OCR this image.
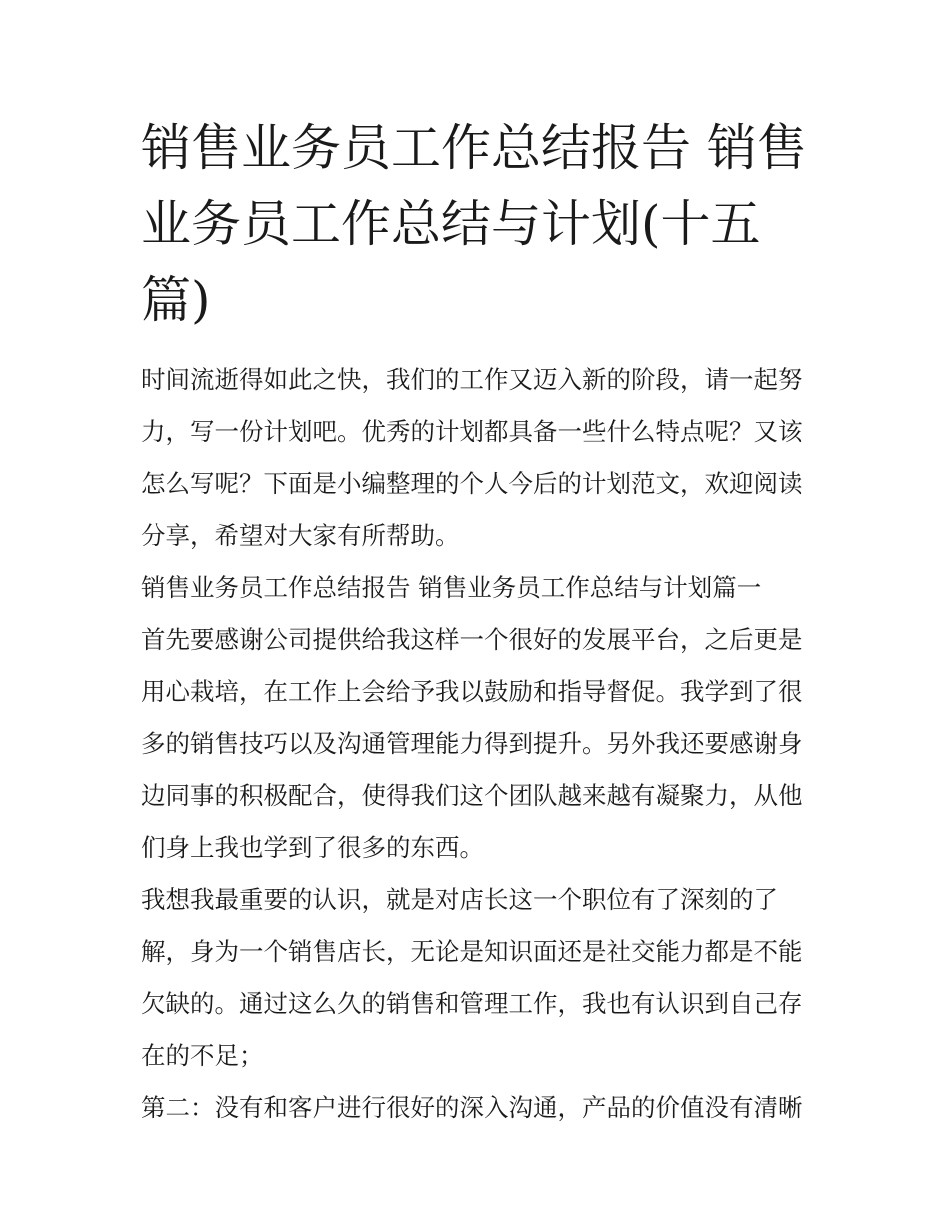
销售业务员工作总结报告 销售
业务员工作总结与计划(十五
篇)
时间流逝得如此之快，我们的工作又迈入新的阶段，请一起努
力，写一份计划吧。优秀的计划都具备一些什么特点呢？又该
怎么写呢？下面是小编整理的个人今后的计划范文，欢迎阅读
分享，希望对大家有所帮助。
销售业务员工作总结报告 销售业务员工作总结与计划篇一
首先要感谢公司提供给我这样一个很好的发展平台，之后更是
用心栽培，在工作上会给予我以鼓励和指导督促。我学到了很
多的销售技巧以及沟通管理能力得到提升。另外我还要感谢身
边同事的积极配合，使得我们这个团队越来越有凝聚力，从他
们身上我也学到了很多的东西。
我想我最重要的认识，就是对店长这一个职位有了深刻的了
解，身为一个销售店长，无论是知识面还是社交能力都是不能
欠缺的。通过这么久的销售和管理工作，我也有认识到自己存
在的不足；
第二：没有和客户进行很好的深入沟通，产品的价值没有清晰
